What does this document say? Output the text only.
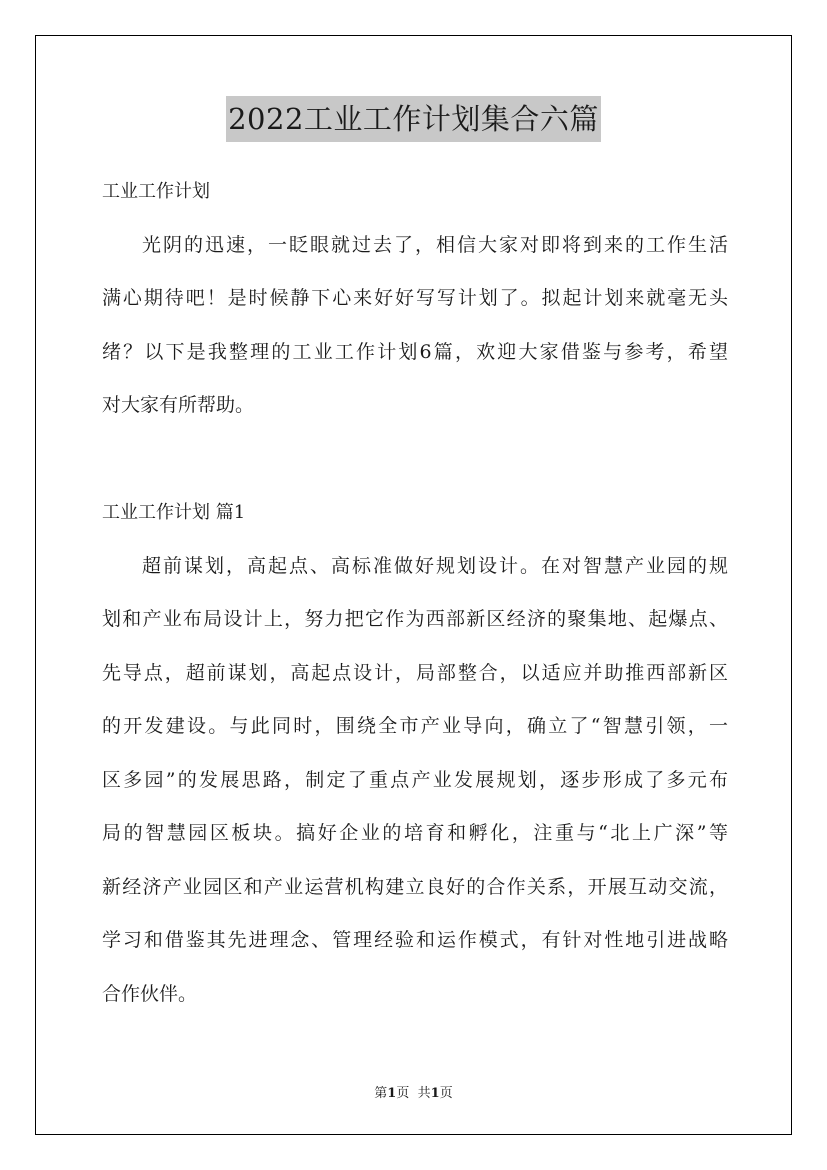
2022工业工作计划集合六篇
工业工作计划
光阴的迅速，一眨眼就过去了，相信大家对即将到来的工作生活
满心期待吧！是时候静下心来好好写写计划了。拟起计划来就毫无头
绪？以下是我整理的工业工作计划6篇，欢迎大家借鉴与参考，希望
对大家有所帮助。
工业工作计划 篇1
超前谋划，高起点、高标准做好规划设计。在对智慧产业园的规
划和产业布局设计上，努力把它作为西部新区经济的聚集地、起爆点、
先导点，超前谋划，高起点设计，局部整合，以适应并助推西部新区
的开发建设。与此同时，围绕全市产业导向，确立了“智慧引领，一
区多园”的发展思路，制定了重点产业发展规划，逐步形成了多元布
局的智慧园区板块。搞好企业的培育和孵化，注重与“北上广深”等
新经济产业园区和产业运营机构建立良好的合作关系，开展互动交流，
学习和借鉴其先进理念、管理经验和运作模式，有针对性地引进战略
合作伙伴。
第1页 共1页
